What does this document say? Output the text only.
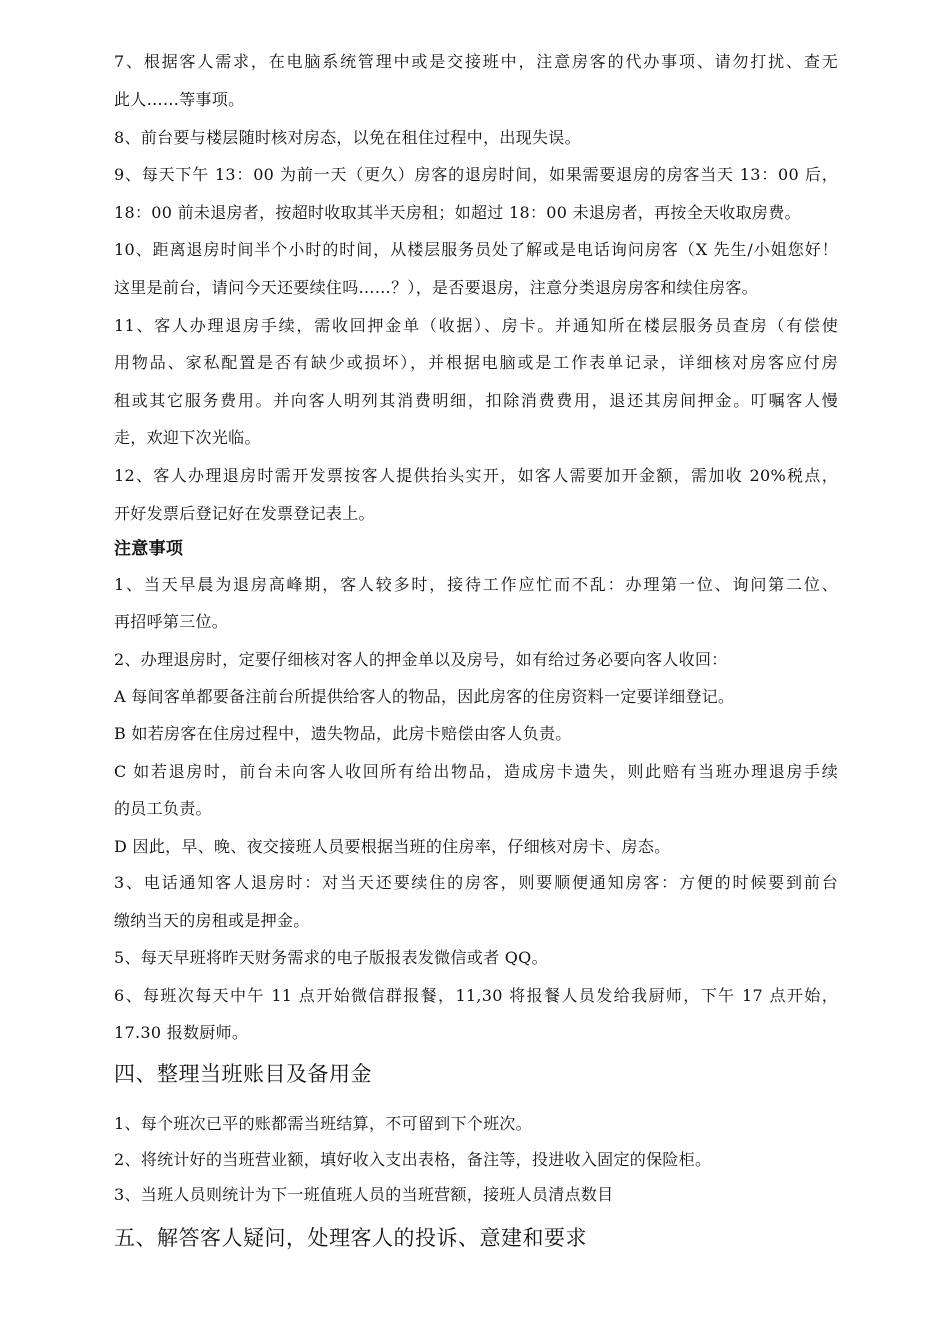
7、根据客人需求，在电脑系统管理中或是交接班中，注意房客的代办事项、请勿打扰、查无
此人……等事项。
8、前台要与楼层随时核对房态，以免在租住过程中，出现失误。
9、每天下午 13：00 为前一天（更久）房客的退房时间，如果需要退房的房客当天 13：00 后，
18：00 前未退房者，按超时收取其半天房租；如超过 18：00 未退房者，再按全天收取房费。
10、距离退房时间半个小时的时间，从楼层服务员处了解或是电话询问房客（X 先生/小姐您好！
这里是前台，请问今天还要续住吗……？），是否要退房，注意分类退房房客和续住房客。
11、客人办理退房手续，需收回押金单（收据）、房卡。并通知所在楼层服务员查房（有偿使
用物品、家私配置是否有缺少或损坏），并根据电脑或是工作表单记录，详细核对房客应付房
租或其它服务费用。并向客人明列其消费明细，扣除消费费用，退还其房间押金。叮嘱客人慢
走，欢迎下次光临。
12、客人办理退房时需开发票按客人提供抬头实开，如客人需要加开金额，需加收 20%税点，
开好发票后登记好在发票登记表上。
注意事项
1、当天早晨为退房高峰期，客人较多时，接待工作应忙而不乱：办理第一位、询问第二位、
再招呼第三位。
2、办理退房时，定要仔细核对客人的押金单以及房号，如有给过务必要向客人收回：
A 每间客单都要备注前台所提供给客人的物品，因此房客的住房资料一定要详细登记。
B 如若房客在住房过程中，遗失物品，此房卡赔偿由客人负责。
C 如若退房时，前台未向客人收回所有给出物品，造成房卡遗失，则此赔有当班办理退房手续
的员工负责。
D 因此，早、晚、夜交接班人员要根据当班的住房率，仔细核对房卡、房态。
3、电话通知客人退房时：对当天还要续住的房客，则要顺便通知房客：方便的时候要到前台
缴纳当天的房租或是押金。
5、每天早班将昨天财务需求的电子版报表发微信或者 QQ。
6、每班次每天中午 11 点开始微信群报餐，11,30 将报餐人员发给我厨师，下午 17 点开始，
17.30 报数厨师。
四、整理当班账目及备用金
1、每个班次已平的账都需当班结算，不可留到下个班次。
2、将统计好的当班营业额，填好收入支出表格，备注等，投进收入固定的保险柜。
3、当班人员则统计为下一班值班人员的当班营额，接班人员清点数目
五、解答客人疑问，处理客人的投诉、意建和要求
